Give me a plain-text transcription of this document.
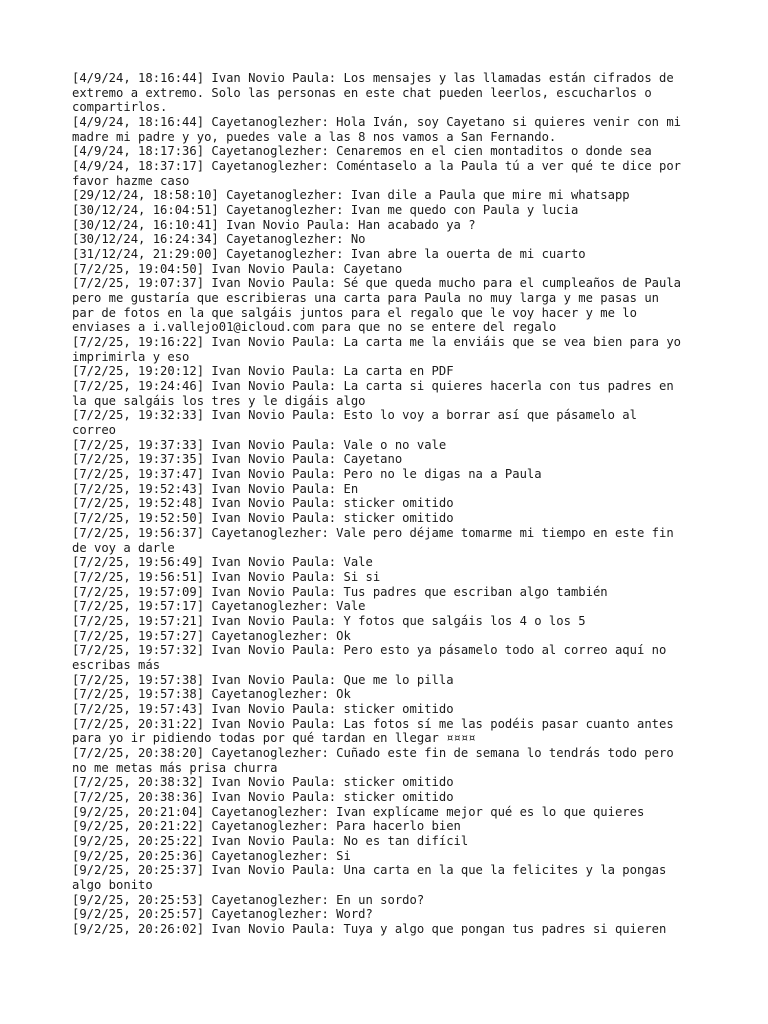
[4/9/24, 18:16:44] Ivan Novio Paula: Los mensajes y las llamadas están cifrados de
extremo a extremo. Solo las personas en este chat pueden leerlos, escucharlos o
compartirlos.
[4/9/24, 18:16:44] Cayetanoglezher: Hola Iván, soy Cayetano si quieres venir con mi
madre mi padre y yo, puedes vale a las 8 nos vamos a San Fernando.
[4/9/24, 18:17:36] Cayetanoglezher: Cenaremos en el cien montaditos o donde sea
[4/9/24, 18:37:17] Cayetanoglezher: Coméntaselo a la Paula tú a ver qué te dice por
favor hazme caso
[29/12/24, 18:58:10] Cayetanoglezher: Ivan dile a Paula que mire mi whatsapp
[30/12/24, 16:04:51] Cayetanoglezher: Ivan me quedo con Paula y lucia
[30/12/24, 16:10:41] Ivan Novio Paula: Han acabado ya ?
[30/12/24, 16:24:34] Cayetanoglezher: No
[31/12/24, 21:29:00] Cayetanoglezher: Ivan abre la ouerta de mi cuarto
[7/2/25, 19:04:50] Ivan Novio Paula: Cayetano
[7/2/25, 19:07:37] Ivan Novio Paula: Sé que queda mucho para el cumpleaños de Paula
pero me gustaría que escribieras una carta para Paula no muy larga y me pasas un
par de fotos en la que salgáis juntos para el regalo que le voy hacer y me lo
enviases a i.vallejo01@icloud.com para que no se entere del regalo
[7/2/25, 19:16:22] Ivan Novio Paula: La carta me la enviáis que se vea bien para yo
imprimirla y eso
[7/2/25, 19:20:12] Ivan Novio Paula: La carta en PDF
[7/2/25, 19:24:46] Ivan Novio Paula: La carta si quieres hacerla con tus padres en
la que salgáis los tres y le digáis algo
[7/2/25, 19:32:33] Ivan Novio Paula: Esto lo voy a borrar así que pásamelo al
correo
[7/2/25, 19:37:33] Ivan Novio Paula: Vale o no vale
[7/2/25, 19:37:35] Ivan Novio Paula: Cayetano
[7/2/25, 19:37:47] Ivan Novio Paula: Pero no le digas na a Paula
[7/2/25, 19:52:43] Ivan Novio Paula: En
[7/2/25, 19:52:48] Ivan Novio Paula: sticker omitido
[7/2/25, 19:52:50] Ivan Novio Paula: sticker omitido
[7/2/25, 19:56:37] Cayetanoglezher: Vale pero déjame tomarme mi tiempo en este fin
de voy a darle
[7/2/25, 19:56:49] Ivan Novio Paula: Vale
[7/2/25, 19:56:51] Ivan Novio Paula: Si si
[7/2/25, 19:57:09] Ivan Novio Paula: Tus padres que escriban algo también
[7/2/25, 19:57:17] Cayetanoglezher: Vale
[7/2/25, 19:57:21] Ivan Novio Paula: Y fotos que salgáis los 4 o los 5
[7/2/25, 19:57:27] Cayetanoglezher: Ok
[7/2/25, 19:57:32] Ivan Novio Paula: Pero esto ya pásamelo todo al correo aquí no
escribas más
[7/2/25, 19:57:38] Ivan Novio Paula: Que me lo pilla
[7/2/25, 19:57:38] Cayetanoglezher: Ok
[7/2/25, 19:57:43] Ivan Novio Paula: sticker omitido
[7/2/25, 20:31:22] Ivan Novio Paula: Las fotos sí me las podéis pasar cuanto antes
para yo ir pidiendo todas por qué tardan en llegar ¤¤¤¤
[7/2/25, 20:38:20] Cayetanoglezher: Cuñado este fin de semana lo tendrás todo pero
no me metas más prisa churra
[7/2/25, 20:38:32] Ivan Novio Paula: sticker omitido
[7/2/25, 20:38:36] Ivan Novio Paula: sticker omitido
[9/2/25, 20:21:04] Cayetanoglezher: Ivan explícame mejor qué es lo que quieres
[9/2/25, 20:21:22] Cayetanoglezher: Para hacerlo bien
[9/2/25, 20:25:22] Ivan Novio Paula: No es tan difícil
[9/2/25, 20:25:36] Cayetanoglezher: Si
[9/2/25, 20:25:37] Ivan Novio Paula: Una carta en la que la felicites y la pongas
algo bonito
[9/2/25, 20:25:53] Cayetanoglezher: En un sordo?
[9/2/25, 20:25:57] Cayetanoglezher: Word?
[9/2/25, 20:26:02] Ivan Novio Paula: Tuya y algo que pongan tus padres si quieren
